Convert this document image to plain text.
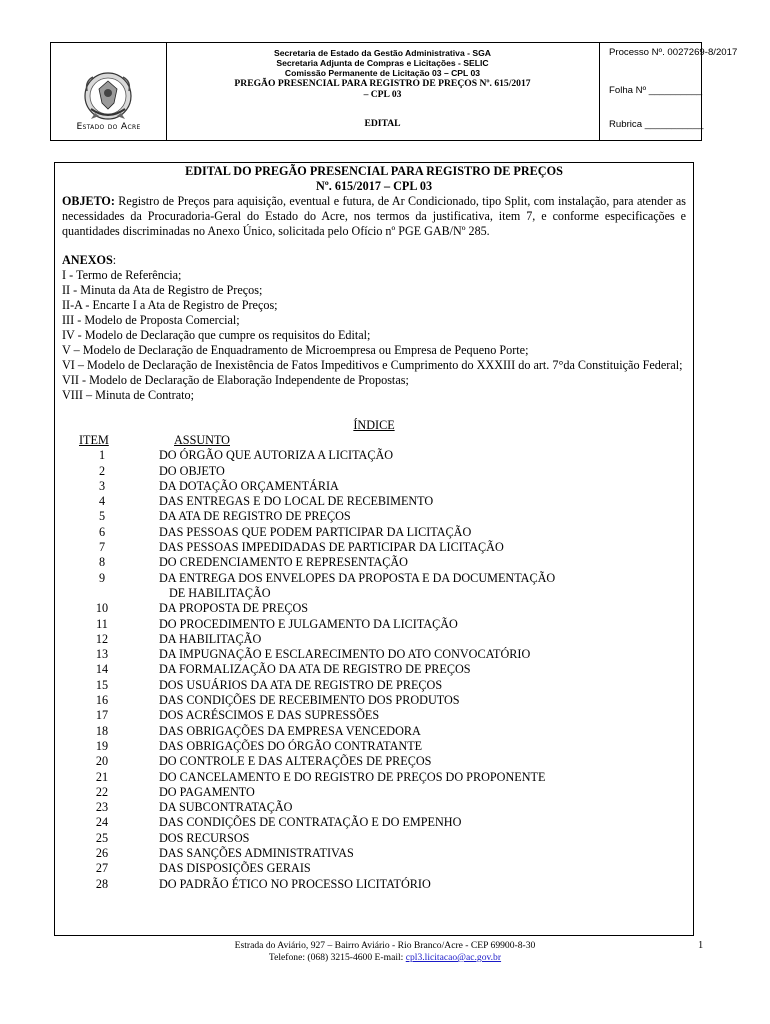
Estado do Acre
Secretaria de Estado da Gestão Administrativa - SGA
Secretaria Adjunta de Compras e Licitações - SELIC
Comissão Permanente de Licitação 03 – CPL 03
PREGÃO PRESENCIAL PARA REGISTRO DE PREÇOS Nº. 615/2017
– CPL 03
EDITAL
Processo Nº. 0027269-8/2017
Folha Nº __________
Rubrica ___________
EDITAL DO PREGÃO PRESENCIAL PARA REGISTRO DE PREÇOS
Nº. 615/2017 – CPL 03
OBJETO: Registro de Preços para aquisição, eventual e futura, de Ar Condicionado, tipo Split, com instalação, para atender as necessidades da Procuradoria-Geral do Estado do Acre, nos termos da justificativa, item 7, e conforme especificações e quantidades discriminadas no Anexo Único, solicitada pelo Ofício nº PGE GAB/Nº 285.
ANEXOS:
I - Termo de Referência;
II - Minuta da Ata de Registro de Preços;
II-A - Encarte I a Ata de Registro de Preços;
III - Modelo de Proposta Comercial;
IV - Modelo de Declaração que cumpre os requisitos do Edital;
V – Modelo de Declaração de Enquadramento de Microempresa ou Empresa de Pequeno Porte;
VI – Modelo de Declaração de Inexistência de Fatos Impeditivos e Cumprimento do XXXIII do art. 7°da Constituição Federal;
VII - Modelo de Declaração de Elaboração Independente de Propostas;
VIII – Minuta de Contrato;
ÍNDICE
ITEM	ASSUNTO
1	DO ÓRGÃO QUE AUTORIZA A LICITAÇÃO
2	DO OBJETO
3	DA DOTAÇÃO ORÇAMENTÁRIA
4	DAS ENTREGAS E DO LOCAL DE RECEBIMENTO
5	DA ATA DE REGISTRO DE PREÇOS
6	DAS PESSOAS QUE PODEM PARTICIPAR DA LICITAÇÃO
7	DAS PESSOAS IMPEDIDADAS DE PARTICIPAR DA LICITAÇÃO
8	DO CREDENCIAMENTO E REPRESENTAÇÃO
9	DA ENTREGA DOS ENVELOPES DA PROPOSTA E DA DOCUMENTAÇÃO
DE HABILITAÇÃO
10	DA PROPOSTA DE PREÇOS
11	DO PROCEDIMENTO E JULGAMENTO DA LICITAÇÃO
12	DA HABILITAÇÃO
13	DA IMPUGNAÇÃO E ESCLARECIMENTO DO ATO CONVOCATÓRIO
14	DA FORMALIZAÇÃO DA ATA DE REGISTRO DE PREÇOS
15	DOS USUÁRIOS DA ATA DE REGISTRO DE PREÇOS
16	DAS CONDIÇÕES DE RECEBIMENTO DOS PRODUTOS
17	DOS ACRÉSCIMOS E DAS SUPRESSÕES
18	DAS OBRIGAÇÕES DA EMPRESA VENCEDORA
19	DAS OBRIGAÇÕES DO ÓRGÃO CONTRATANTE
20	DO CONTROLE E DAS ALTERAÇÕES DE PREÇOS
21	DO CANCELAMENTO E DO REGISTRO DE PREÇOS DO PROPONENTE
22	DO PAGAMENTO
23	DA SUBCONTRATAÇÃO
24	DAS CONDIÇÕES DE CONTRATAÇÃO E DO EMPENHO
25	DOS RECURSOS
26	DAS SANÇÕES ADMINISTRATIVAS
27	DAS DISPOSIÇÕES GERAIS
28	DO PADRÃO ÉTICO NO PROCESSO LICITATÓRIO
Estrada do Aviário, 927 – Bairro Aviário - Rio Branco/Acre - CEP 69900-8-30
Telefone: (068) 3215-4600 E-mail: cpl3.licitacao@ac.gov.br
1
